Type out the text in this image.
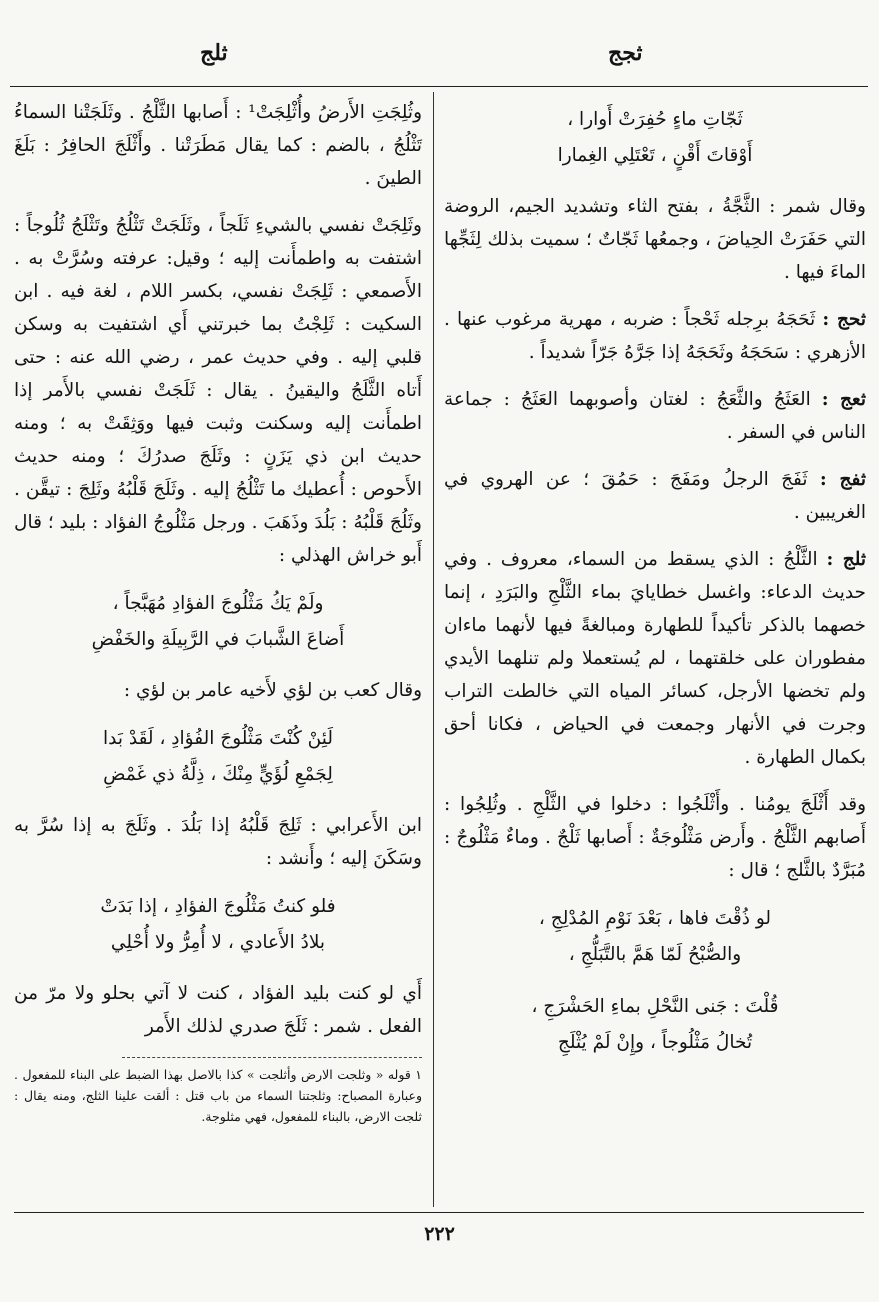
ثجج
ثلج
ثَجّاتِ ماءٍ حُفِرَتْ أَوارا ،
أَوْقاتَ أَقْنٍ ، تَعْتَلِي الغِمارا

وقال شمر : الثَّجَّةُ ، بفتح الثاء وتشديد الجيم، الروضة التي حَفَرَتْ الحِياضَ ، وجمعُها ثَجّاتٌ ؛ سميت بذلك لِثَجِّها الماءَ فيها .

ثحج : ثَحَجَهُ برِجله ثَحْجاً : ضربه ، مهرية مرغوب عنها . الأزهري : سَحَجَهُ وثَحَجَهُ إذا جَرَّهُ جَرّاً شديداً .

ثعج : العَثَجُ والثَّعَجُ : لغتان وأصوبهما العَثَجُ : جماعة الناس في السفر .

ثفج : ثَفَجَ الرجلُ ومَفَجَ : حَمُقَ ؛ عن الهروي في الغريبين .

ثلج : الثَّلْجُ : الذي يسقط من السماء، معروف . وفي حديث الدعاء: واغسل خطايايَ بماء الثَّلْجِ والبَرَدِ ، إنما خصهما بالذكر تأكيداً للطهارة ومبالغةً فيها لأنهما ماءان مفطوران على خلقتهما ، لم يُستعملا ولم تنلهما الأيدي ولم تخضها الأرجل، كسائر المياه التي خالطت التراب وجرت في الأنهار وجمعت في الحياض ، فكانا أحق بكمال الطهارة .

وقد أَثْلَجَ يومُنا . وأَثْلَجُوا : دخلوا في الثَّلْجِ . وثُلِجُوا : أَصابهم الثَّلْجُ . وأَرض مَثْلُوجَةٌ : أَصابها ثَلْجٌ . وماءٌ مَثْلُوجٌ : مُبَرَّدٌ بالثَّلج ؛ قال :

لو ذُقْتَ فاها ، بَعْدَ نَوْمِ المُدْلِجِ ،
والصُّبْحُ لَمّا هَمَّ بالتَّبَلُّجِ ،
قُلْتَ : جَنى النَّحْلِ بماءِ الحَشْرَجِ ،
تُخالُ مَثْلُوجاً ، وإِنْ لَمْ يُثْلَجِ

وثُلِجَتِ الأَرضُ وأُثْلِجَتْ¹ : أَصابها الثَّلْجُ . وثَلَجَتْنا السماءُ تَثْلُجُ ، بالضم : كما يقال مَطَرَتْنا . وأَثْلَجَ الحافِرُ : بَلَغَ الطينَ .

وثَلِجَتْ نفسي بالشيءِ ثَلَجاً ، وثَلَجَتْ تَثْلُجُ وتَثْلَجُ ثُلُوجاً : اشتفت به واطمأَنت إليه ؛ وقيل: عرفته وسُرَّتْ به . الأَصمعي : ثَلِجَتْ نفسي، بكسر اللام ، لغة فيه . ابن السكيت : ثَلِجْتُ بما خبرتني أَي اشتفيت به وسكن قلبي إليه . وفي حديث عمر ، رضي الله عنه : حتى أَتاه الثَّلَجُ واليقينُ . يقال : ثَلَجَتْ نفسي بالأَمر إذا اطمأَنت إليه وسكنت وثبت فيها ووَثِقَتْ به ؛ ومنه حديث ابن ذي يَزَنٍ : وثَلَجَ صدرُكَ ؛ ومنه حديث الأَحوص : أُعطيك ما تَثْلُجُ إليه . وثَلَجَ قَلْبُهُ وثَلِجَ : تيقَّن . وثَلُجَ قَلْبُهُ : بَلُدَ وذَهَبَ . ورجل مَثْلُوجُ الفؤاد : بليد ؛ قال أَبو خراش الهذلي :

ولَمْ يَكُ مَثْلُوجَ الفؤادِ مُهَبَّجاً ،
أَضاعَ الشَّبابَ في الرَّبِيلَةِ والخَفْضِ

وقال كعب بن لؤي لأَخيه عامر بن لؤي :

لَئِنْ كُنْتَ مَثْلُوجَ الفُؤادِ ، لَقَدْ بَدا
لِجَمْعِ لُؤَيٍّ مِنْكَ ، ذِلَّةُ ذي غَمْضِ

ابن الأَعرابي : ثَلِجَ قَلْبُهُ إذا بَلُدَ . وثَلَجَ به إذا سُرَّ به وسَكَنَ إليه ؛ وأَنشد :

فلو كنتُ مَثْلُوجَ الفؤادِ ، إذا بَدَتْ
بلادُ الأَعادي ، لا أُمِرُّ ولا أُحْلِي

أَي لو كنت بليد الفؤاد ، كنت لا آتي بحلو ولا مرّ من الفعل . شمر : ثَلَجَ صدري لذلك الأَمر

١ قوله « وثلجت الارض وأثلجت » كذا بالاصل بهذا الضبط على البناء للمفعول . وعبارة المصباح: وثلجتنا السماء من باب قتل : ألقت علينا الثلج، ومنه يقال : ثلجت الارض، بالبناء للمفعول، فهي مثلوجة.
٢٢٢
